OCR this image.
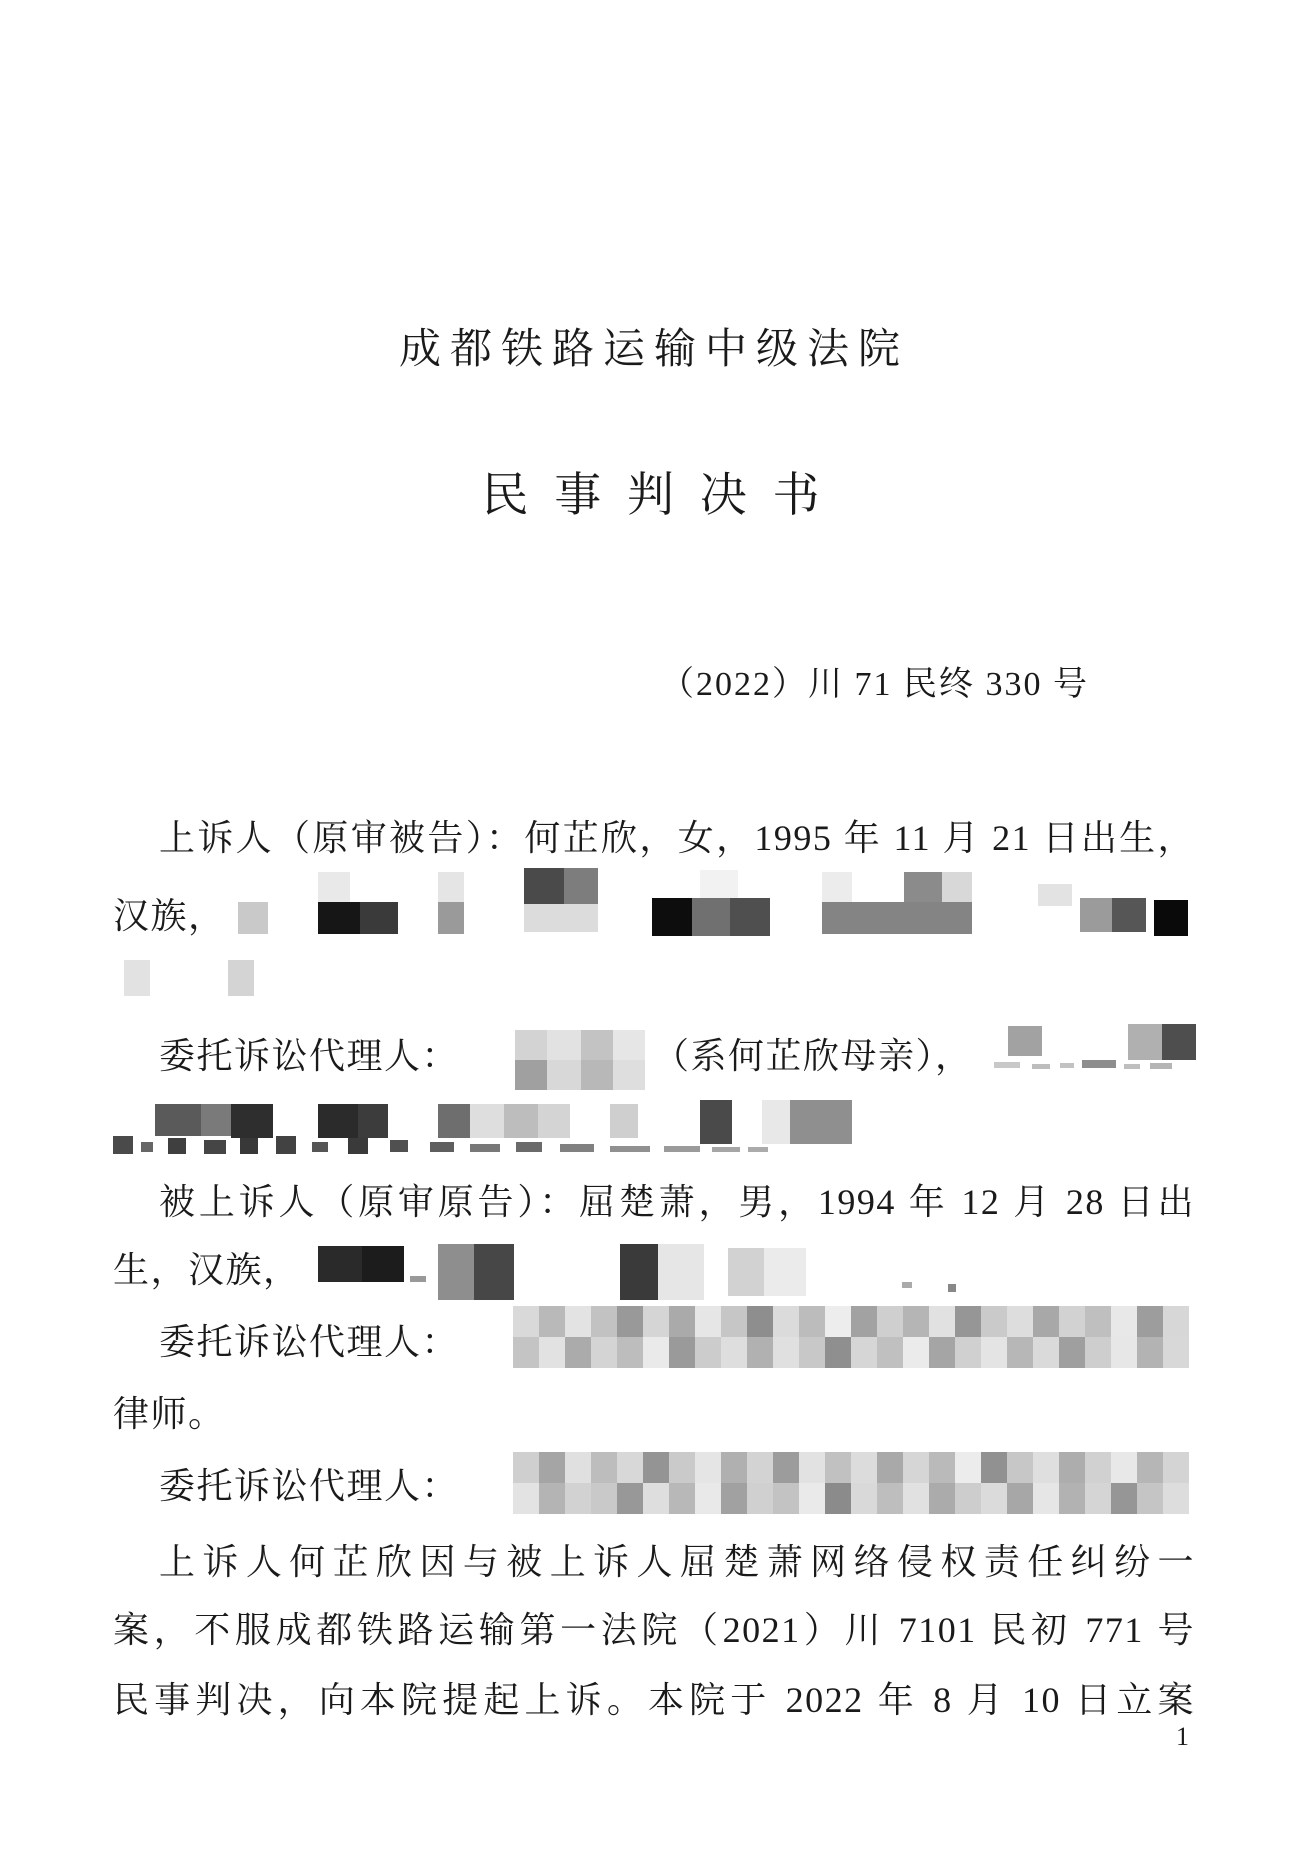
成都铁路运输中级法院
民 事 判 决 书
（2022）川 71 民终 330 号
上诉人（原审被告）：何芷欣，女，1995 年 11 月 21 日出生，
汉族，
委托诉讼代理人：	（系何芷欣母亲），
被上诉人（原审原告）：屈楚萧，男，1994 年 12 月 28 日出
生，汉族，
委托诉讼代理人：
律师。
委托诉讼代理人：
上诉人何芷欣因与被上诉人屈楚萧网络侵权责任纠纷一
案，不服成都铁路运输第一法院（2021）川 7101 民初 771 号
民事判决，向本院提起上诉。本院于 2022 年 8 月 10 日立案
1
